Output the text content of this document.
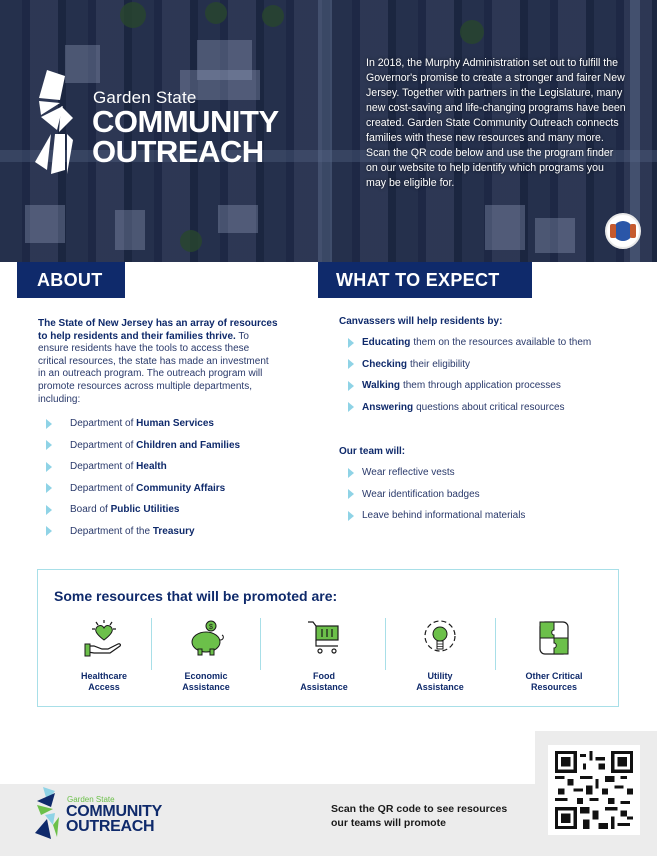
Garden State
COMMUNITY
OUTREACH

In 2018, the Murphy Administration set out to fulfill the Governor's promise to create a stronger and fairer New Jersey. Together with partners in the Legislature, many new cost-saving and life-changing programs have been created. Garden State Community Outreach connects families with these new resources and many more. Scan the QR code below and use the program finder on our website to help identify which programs you may be eligible for.

ABOUT

The State of New Jersey has an array of resources to help residents and their families thrive. To ensure residents have the tools to access these critical resources, the state has made an investment in an outreach program. The outreach program will promote resources across multiple departments, including:

Department of
Human Services
Department of
Children and Families
Department of
Health
Department of
Community Affairs
Board of
Public Utilities
Department of the
Treasury
WHAT TO EXPECT
Canvassers will help residents by:
Educating them on the resources available to them
Checking their eligibility
Walking them through application processes
Answering questions about critical resources
Our team will:
Wear reflective vests
Wear identification badges
Leave behind informational materials
Some resources that will be promoted are:
Healthcare
Access
$
Economic
Assistance
Food
Assistance
Utility
Assistance
Other Critical
Resources
Garden State
COMMUNITY
OUTREACH
Scan the QR code to see resources
our teams will promote
